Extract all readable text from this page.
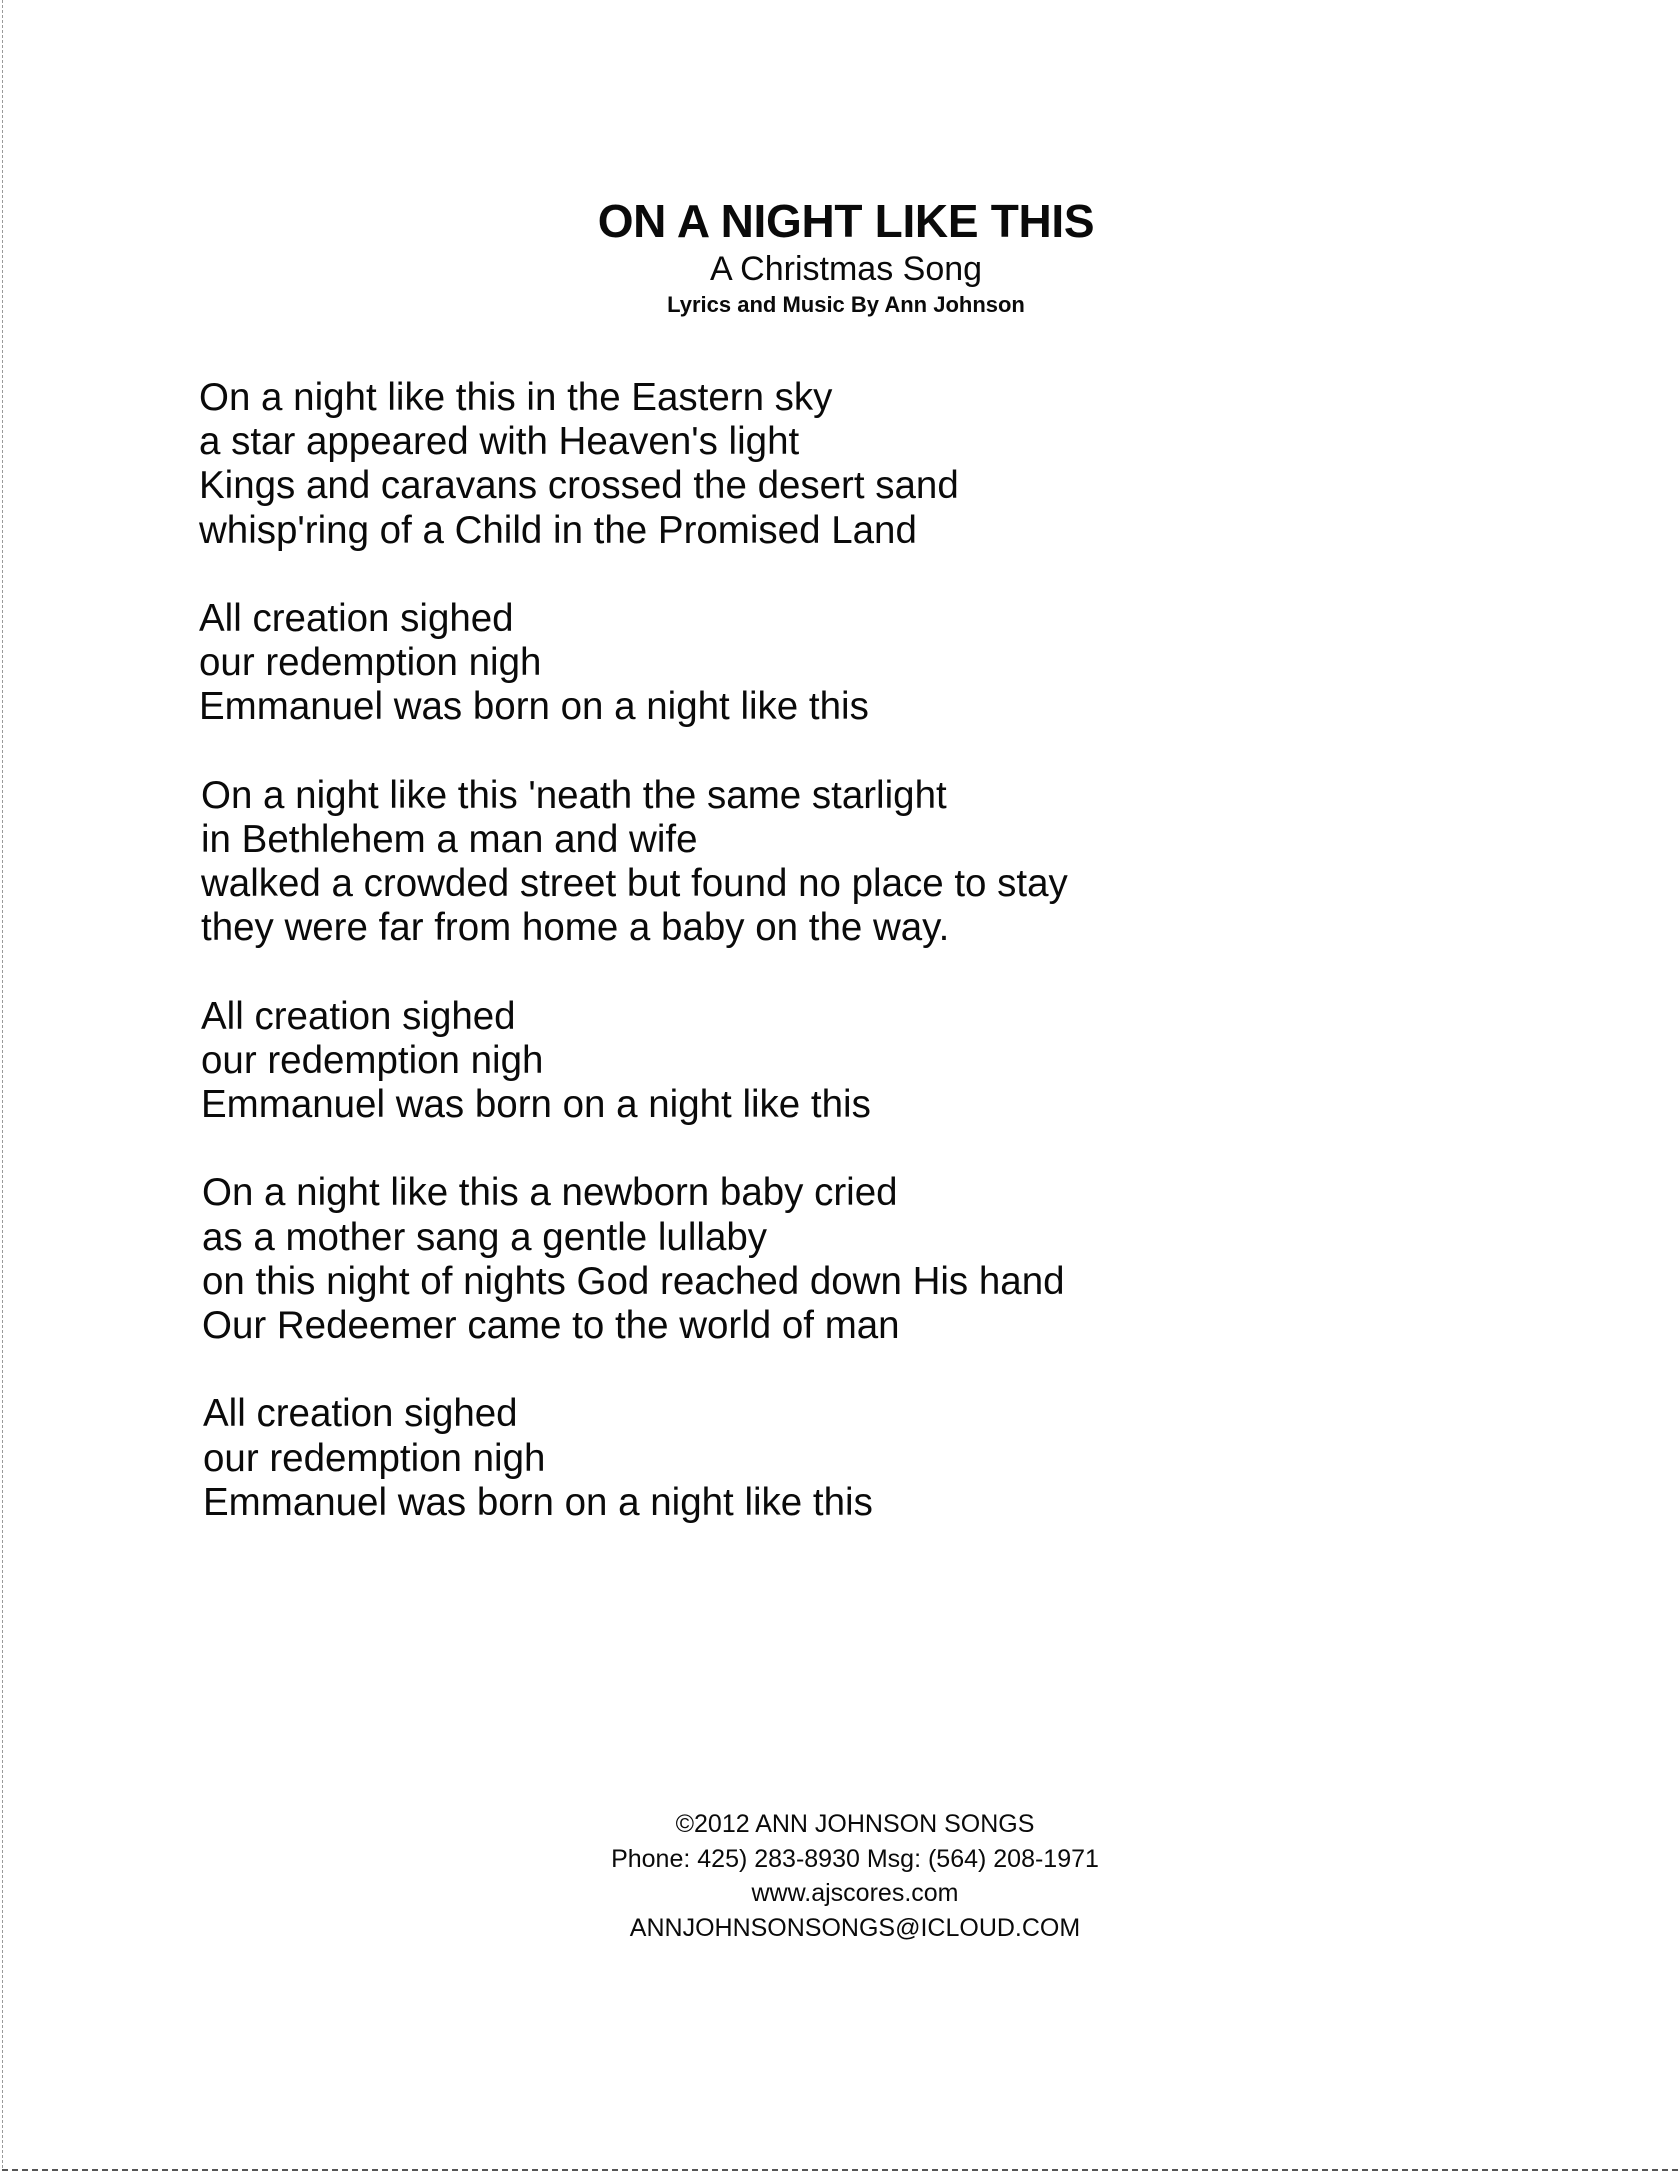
ON A NIGHT LIKE THIS
A Christmas Song
Lyrics and Music By Ann Johnson
On a night like this in the Eastern sky
a star appeared with Heaven's light
Kings and caravans crossed the desert sand
whisp'ring of a Child in the Promised Land
All creation sighed
our redemption nigh
Emmanuel was born on a night like this
On a night like this 'neath the same starlight
in Bethlehem a man and wife
walked a crowded street but found no place to stay
they were far from home a baby on the way.
All creation sighed
our redemption nigh
Emmanuel was born on a night like this
On a night like this a newborn baby cried
as a mother sang a gentle lullaby
on this night of nights God reached down His hand
Our Redeemer came to the world of man
All creation sighed
our redemption nigh
Emmanuel was born on a night like this
©2012 ANN JOHNSON SONGS
Phone: 425) 283-8930 Msg: (564) 208-1971
www.ajscores.com
ANNJOHNSONSONGS@ICLOUD.COM
